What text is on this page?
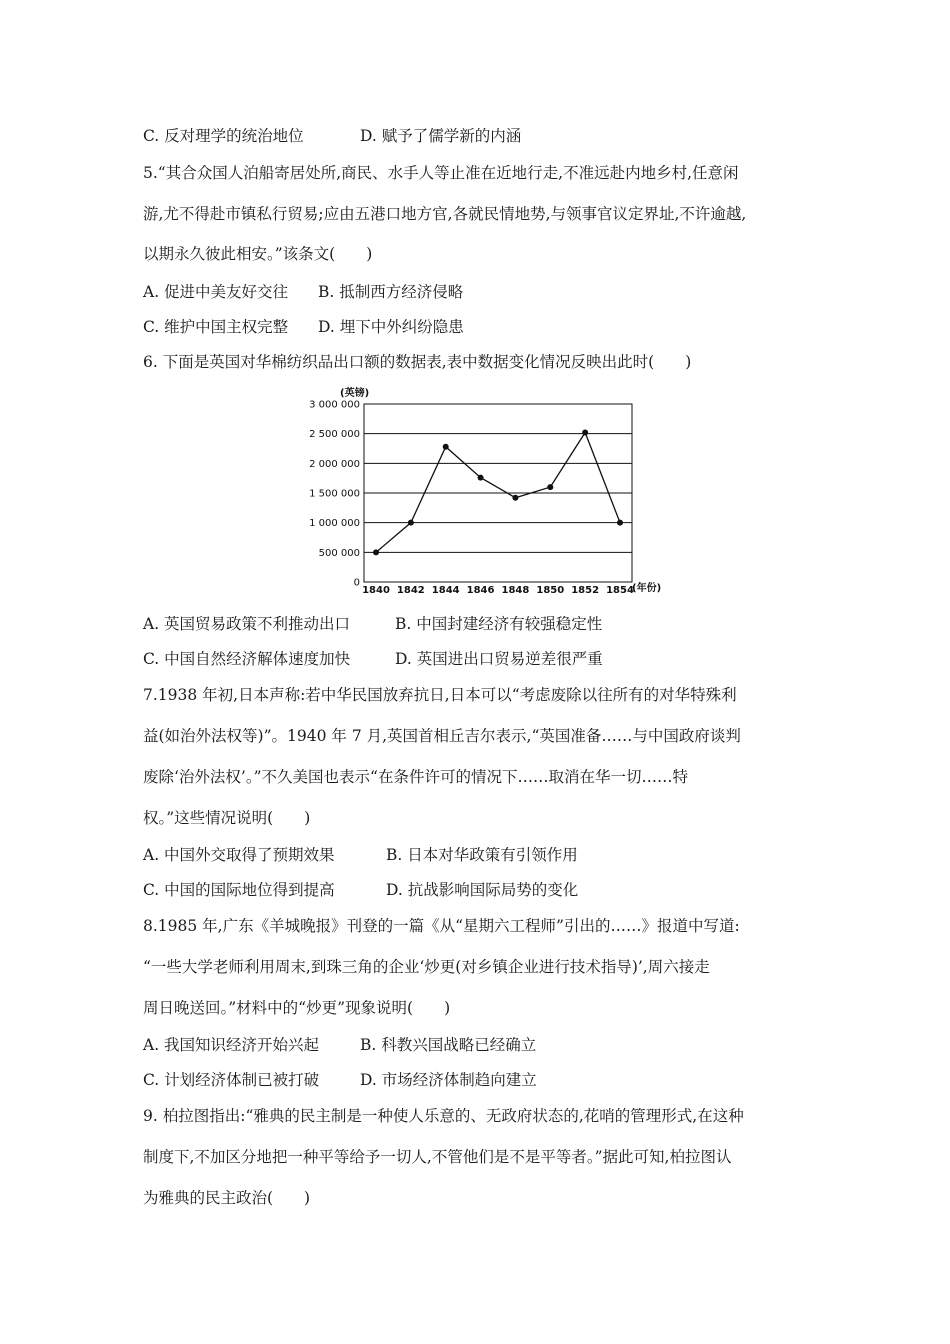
C. 反对理学的统治地位	D. 赋予了儒学新的内涵
5.“其合众国人泊船寄居处所,商民、水手人等止准在近地行走,不准远赴内地乡村,任意闲
游,尤不得赴市镇私行贸易;应由五港口地方官,各就民情地势,与领事官议定界址,不许逾越,
以期永久彼此相安。”该条文(　　)
A. 促进中美友好交往 B. 抵制西方经济侵略
C. 维护中国主权完整 D. 埋下中外纠纷隐患
6. 下面是英国对华棉纺织品出口额的数据表,表中数据变化情况反映出此时(　　)
0
500 000
1 000 000
1 500 000
2 000 000
2 500 000
3 000 000
1840 1842 1844 1846 1848 1850 1852 1854
(英镑)
(年份)
A. 英国贸易政策不利推动出口	B. 中国封建经济有较强稳定性
C. 中国自然经济解体速度加快	D. 英国进出口贸易逆差很严重
7.1938 年初,日本声称:若中华民国放弃抗日,日本可以“考虑废除以往所有的对华特殊利
益(如治外法权等)”。1940 年 7 月,英国首相丘吉尔表示,“英国准备……与中国政府谈判
废除‘治外法权’。”不久美国也表示“在条件许可的情况下……取消在华一切……特
权。”这些情况说明(　　)
A. 中国外交取得了预期效果	B. 日本对华政策有引领作用
C. 中国的国际地位得到提高	D. 抗战影响国际局势的变化
8.1985 年,广东《羊城晚报》刊登的一篇《从“星期六工程师”引出的……》报道中写道:
“一些大学老师利用周末,到珠三角的企业‘炒更(对乡镇企业进行技术指导)’,周六接走
周日晚送回。”材料中的“炒更”现象说明(　　)
A. 我国知识经济开始兴起	B. 科教兴国战略已经确立
C. 计划经济体制已被打破	D. 市场经济体制趋向建立
9. 柏拉图指出:“雅典的民主制是一种使人乐意的、无政府状态的,花哨的管理形式,在这种
制度下,不加区分地把一种平等给予一切人,不管他们是不是平等者。”据此可知,柏拉图认
为雅典的民主政治(　　)
